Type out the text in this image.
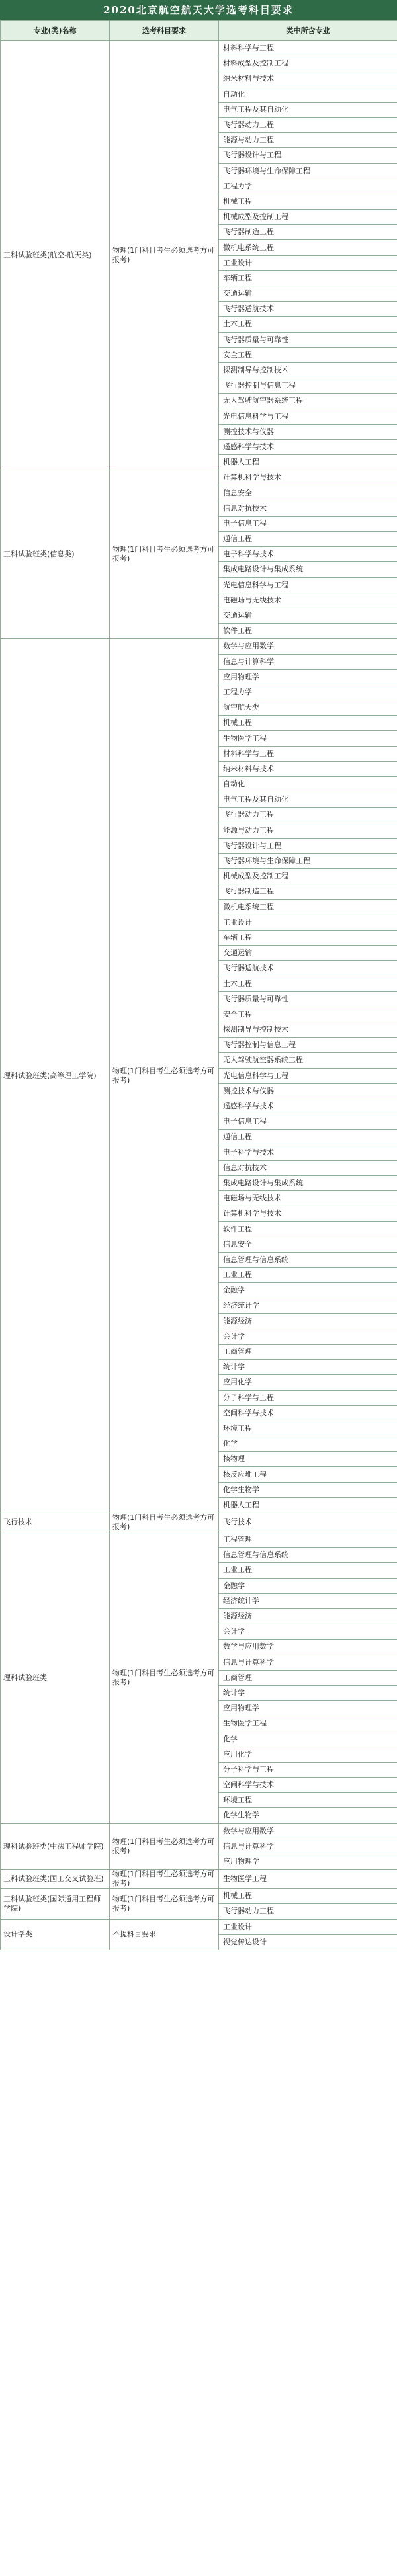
2020北京航空航天大学选考科目要求
专业(类)名称	选考科目要求	类中所含专业
工科试验班类(航空-航天类)	物理(1门科目考生必须选考方可报考)	材料科学与工程
		材料成型及控制工程
		纳米材料与技术
		自动化
		电气工程及其自动化
		飞行器动力工程
		能源与动力工程
		飞行器设计与工程
		飞行器环境与生命保障工程
		工程力学
		机械工程
		机械成型及控制工程
		飞行器制造工程
		微机电系统工程
		工业设计
		车辆工程
		交通运输
		飞行器适航技术
		土木工程
		飞行器质量与可靠性
		安全工程
		探测制导与控制技术
		飞行器控制与信息工程
		无人驾驶航空器系统工程
		光电信息科学与工程
		测控技术与仪器
		遥感科学与技术
		机器人工程
工科试验班类(信息类)	物理(1门科目考生必须选考方可报考)	计算机科学与技术
		信息安全
		信息对抗技术
		电子信息工程
		通信工程
		电子科学与技术
		集成电路设计与集成系统
		光电信息科学与工程
		电磁场与无线技术
		交通运输
		软件工程
理科试验班类(高等理工学院)	物理(1门科目考生必须选考方可报考)	数学与应用数学
		信息与计算科学
		应用物理学
		工程力学
		航空航天类
		机械工程
		生物医学工程
		材料科学与工程
		纳米材料与技术
		自动化
		电气工程及其自动化
		飞行器动力工程
		能源与动力工程
		飞行器设计与工程
		飞行器环境与生命保障工程
		机械成型及控制工程
		飞行器制造工程
		微机电系统工程
		工业设计
		车辆工程
		交通运输
		飞行器适航技术
		土木工程
		飞行器质量与可靠性
		安全工程
		探测制导与控制技术
		飞行器控制与信息工程
		无人驾驶航空器系统工程
		光电信息科学与工程
		测控技术与仪器
		遥感科学与技术
		电子信息工程
		通信工程
		电子科学与技术
		信息对抗技术
		集成电路设计与集成系统
		电磁场与无线技术
		计算机科学与技术
		软件工程
		信息安全
		信息管理与信息系统
		工业工程
		金融学
		经济统计学
		能源经济
		会计学
		工商管理
		统计学
		应用化学
		分子科学与工程
		空间科学与技术
		环境工程
		化学
		核物理
		核反应堆工程
		化学生物学
		机器人工程
飞行技术	物理(1门科目考生必须选考方可报考)	飞行技术
理科试验班类	物理(1门科目考生必须选考方可报考)	工程管理
		信息管理与信息系统
		工业工程
		金融学
		经济统计学
		能源经济
		会计学
		数学与应用数学
		信息与计算科学
		工商管理
		统计学
		应用物理学
		生物医学工程
		化学
		应用化学
		分子科学与工程
		空间科学与技术
		环境工程
		化学生物学
理科试验班类(中法工程师学院)	物理(1门科目考生必须选考方可报考)	数学与应用数学
		信息与计算科学
		应用物理学
工科试验班类(国工交叉试验班)	物理(1门科目考生必须选考方可报考)	生物医学工程
工科试验班类(国际通用工程师学院)	物理(1门科目考生必须选考方可报考)	机械工程
		飞行器动力工程
设计学类	不提科目要求	工业设计
		视觉传达设计
